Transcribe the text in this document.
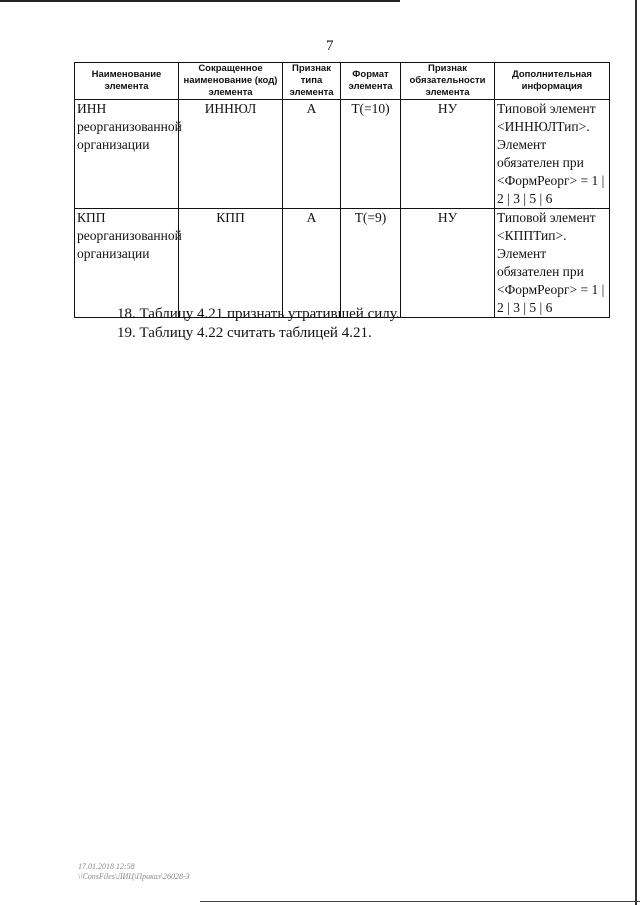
7
Наименование элемента	Сокращенное наименование (код) элемента	Признак типа элемента	Формат элемента	Признак обязательности элемента	Дополнительная информация
ИНН реорганизованной организации	ИННЮЛ	А	T(=10)	НУ	Типовой элемент <ИННЮЛТип>. Элемент обязателен при <ФормРеорг> = 1 | 2 | 3 | 5 | 6
КПП реорганизованной организации	КПП	А	T(=9)	НУ	Типовой элемент <КППТип>. Элемент обязателен при <ФормРеорг> = 1 | 2 | 3 | 5 | 6
18. Таблицу 4.21 признать утратившей силу.
19. Таблицу 4.22 считать таблицей 4.21.
17.01.2018 12:58
\\ConsFiles\ЛИЦ\Приказ\26028-3
